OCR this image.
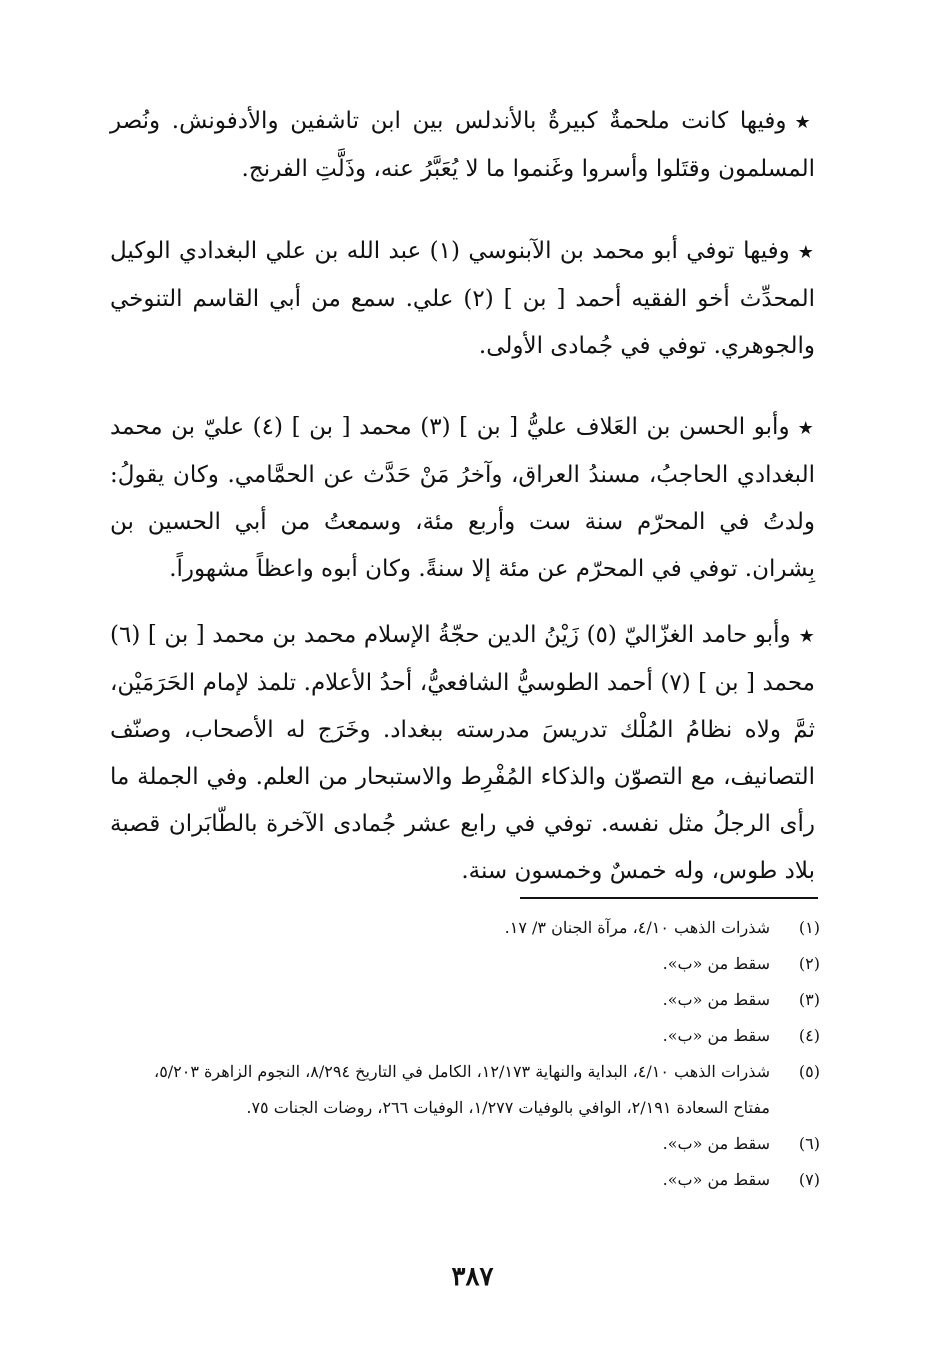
★وفيها كانت ملحمةٌ كبيرةٌ بالأندلس بين ابن تاشفين والأدفونش. ونُصر المسلمون وقتَلوا وأسروا وغَنموا ما لا يُعَبَّرُ عنه، وذَلَّتِ الفرنج.

★وفيها توفي أبو محمد بن الآبنوسي (١) عبد الله بن علي البغدادي الوكيل المحدِّث أخو الفقيه أحمد [ بن ] (٢) علي. سمع من أبي القاسم التنوخي والجوهري. توفي في جُمادى الأولى.

★وأبو الحسن بن العَلاف عليُّ [ بن ] (٣) محمد [ بن ] (٤) عليّ بن محمد البغدادي الحاجبُ، مسندُ العراق، وآخرُ مَنْ حَدَّث عن الحمَّامي. وكان يقولُ: ولدتُ في المحرّم سنة ست وأربع مئة، وسمعتُ من أبي الحسين بن بِشران. توفي في المحرّم عن مئة إلا سنةً. وكان أبوه واعظاً مشهوراً.

★وأبو حامد الغزّاليّ (٥) زَيْنُ الدين حجّةُ الإسلام محمد بن محمد [ بن ] (٦) محمد [ بن ] (٧) أحمد الطوسيُّ الشافعيُّ، أحدُ الأعلام. تلمذ لإمام الحَرَمَيْن، ثمَّ ولاه نظامُ المُلْك تدريسَ مدرسته ببغداد. وخَرَج له الأصحاب، وصنّف التصانيف، مع التصوّن والذكاء المُفْرِط والاستبحار من العلم. وفي الجملة ما رأى الرجلُ مثل نفسه. توفي في رابع عشر جُمادى الآخرة بالطّابَران قصبة بلاد طوس، وله خمسٌ وخمسون سنة.

(١)
شذرات الذهب ٤/١٠، مرآة الجنان ٣/ ١٧.
(٢)
سقط من «ب».
(٣)
سقط من «ب».
(٤)
سقط من «ب».
(٥)
شذرات الذهب ٤/١٠، البداية والنهاية ١٢/١٧٣، الكامل في التاريخ ٨/٢٩٤، النجوم الزاهرة ٥/٢٠٣، مفتاح السعادة ٢/١٩١، الوافي بالوفيات ١/٢٧٧، الوفيات ٢٦٦، روضات الجنات ٧٥.
(٦)
سقط من «ب».
(٧)
سقط من «ب».
٣٨٧
